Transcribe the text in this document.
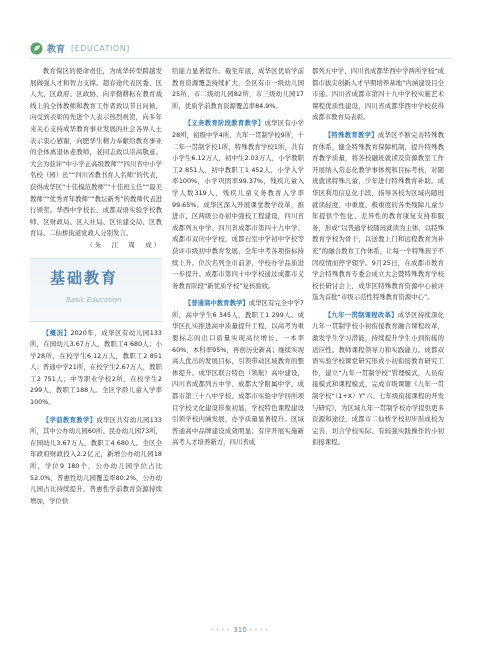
教育 [EDUCATION]

教育保区的使命责任，为成华转型跨越发展做强人才和智力支撑。超春途代表区委、区人大、区政府、区政协，向辛勤耕耘在教育战线上的全体教师和教育工作者致以节日问候，向受到表彰的先进个人表示热烈祝贺，向多年来关心支持成华教育事业发展的社会各界人士表示衷心感谢，向肥华生精力奉献给教育事业的全体离退休老教师，老同志致以崇高敬意。大会为获评“中小学正高级教师”“四川省中小学名校（园）长”“四川省教书育人名师”的代表，获得成华区“十佳模范教师”“十佳班主任”“最美教师”“优秀青年教师”“教坛新秀”的教师代表进行颁奖。华西中学校长、成都双语实验学校教师、区财政局、区人社局、区住建交局、区教育局、二仙桥街道党政人分别发言。

（朱　江　周　成）

基础教育
Basic Education

【概况】2020年，成华区有幼儿园133所，在园幼儿3.67万人，教职工4 680人；小学28所，在校学生6.12万人，教职工2 851人；普通中学21所，在校学生2.67万人，教职工2 751人；中等职业学校2所，在校学生2 299人，教职工188人。全区学龄儿童入学率100%。

【学前教育教学】成华区共有幼儿园133所，其中公办幼儿园60所、民办幼儿园73所，在园幼儿3.67万人，教职工4 680人。全区全年政府财政投入2.2亿元，新增公办幼儿园18所，学位9 180个，公办幼儿园学位占比52.0%，普惠性幼儿园覆盖率80.2%，公办幼儿园占比持续提升，普惠性学前教育资源持续增加，学位供

给能力显著提升。截至年底，成华区优质学前教育资源覆盖持续扩大，全区有市一级幼儿园25所，市二级幼儿园82所，市三级幼儿园17所，优质学前教育资源覆盖率84.9%。

【义务教育阶段教育教学】成华区有小学28所，初级中学4所，九年一贯制学校9所，十二年一贯制学校1所，特殊教育学校1所，共有小学生6.12万人，初中生2.03万人，小学教职工2 851人，初中教职工1 452人，小学入学率100%，小学巩固率99.37%，残疾儿童入学人数319人，残疾儿童义务教育入学率99.65%。成华区深入开展课堂教学改革，推进市、区两级公办初中强校工程建设，四川省成都列五中学、四川省成都市第四十九中学、成都市双庆中学校，成都石室中学初中学校等获评市级初中教育发展，全年中考各项指标持续上升。位次名列全市前茅，学校办学品质进一步提升。成都市第四十中学校通过成都市义务教育阶段“新优质学校”复核验收。

【普通高中教育教学】成华区有完全中学7所，高中学生6 345人，教职工1 299人。成华区扎实推进高中质量提升工程，以高考为重要标志的出口质量实现高位增长，一本率60%，本科率95%，再创历史新高；继续实现高人优出的发展目标，引领带动区域教育的整体提升。成华区联合特色（领航）高中建设，四川省成都列五中学、成都大学附属中学、成都市第三十八中学校、成都市实验中学四所项目学校文化建设形象初显，学校特色课程建设引领学校内涵发展，办学质量显著提升。区域普通高中品牌建设成效明显；有序开展实施新高考人才培养新方，四川省成

都列五中学、四川省成都华西中学两所学校“成都市拔尖创新人才早期培养基地”内涵建设目全市递。四川省成都市第四十九中学校实施艺术课程优质性建设，四川省成都华西中学校获得成都市教育局表彰。

【特殊教育教学】成华区不断完善特殊教育体系，健全特殊教育保障机制，提升特殊教育教学质量，将各校融班就读及资源教室工作开展纳入常态化教学事体规和目标考核，对随班就读特殊儿童，少年进行特殊教育补助。成华区利用信息化手段，指导各校为区域内随班就读轻度、中重度、极重度的各类残障儿童少年提供个性化、差异性的教育康复支持和服务，形成“以普通学校随班就读为主体，以特殊教育学校为骨干，以送教上门和远程教育为补充”的融合教育工作体系，让每一个特殊孩子不因疫情而停学辍学。9月25日，在成都市教育学会特殊教育专委会成立大会暨特殊教育学校校长研讨会上，成华区特殊教育资源中心被评选为首批“市级示范性特殊教育资源中心”。

【九年一贯制课程改革】成华区持续深化九年一贯制学校小初衔接教育融合课程改革，激发学生学习潜能，持续提升学生小到衔接的适应性。教师课程领导力和实践能力。成都双语实验学校课堂研究形成小初衔接教育研究工作，建立“九年一贯制学校”管理模式，人员衔接模式和课程模式，完成市级课题《九年一贯制学校“（1+X）Y”六、七年级衔接课程的开发与研究》，为区域九年一贯制学校办学提供更多资源和途径，成都市二仙桥学校初步形成校为完善、切合学校实际、有较强实践操作的小初衔接课程。

•••• 310 ••••
